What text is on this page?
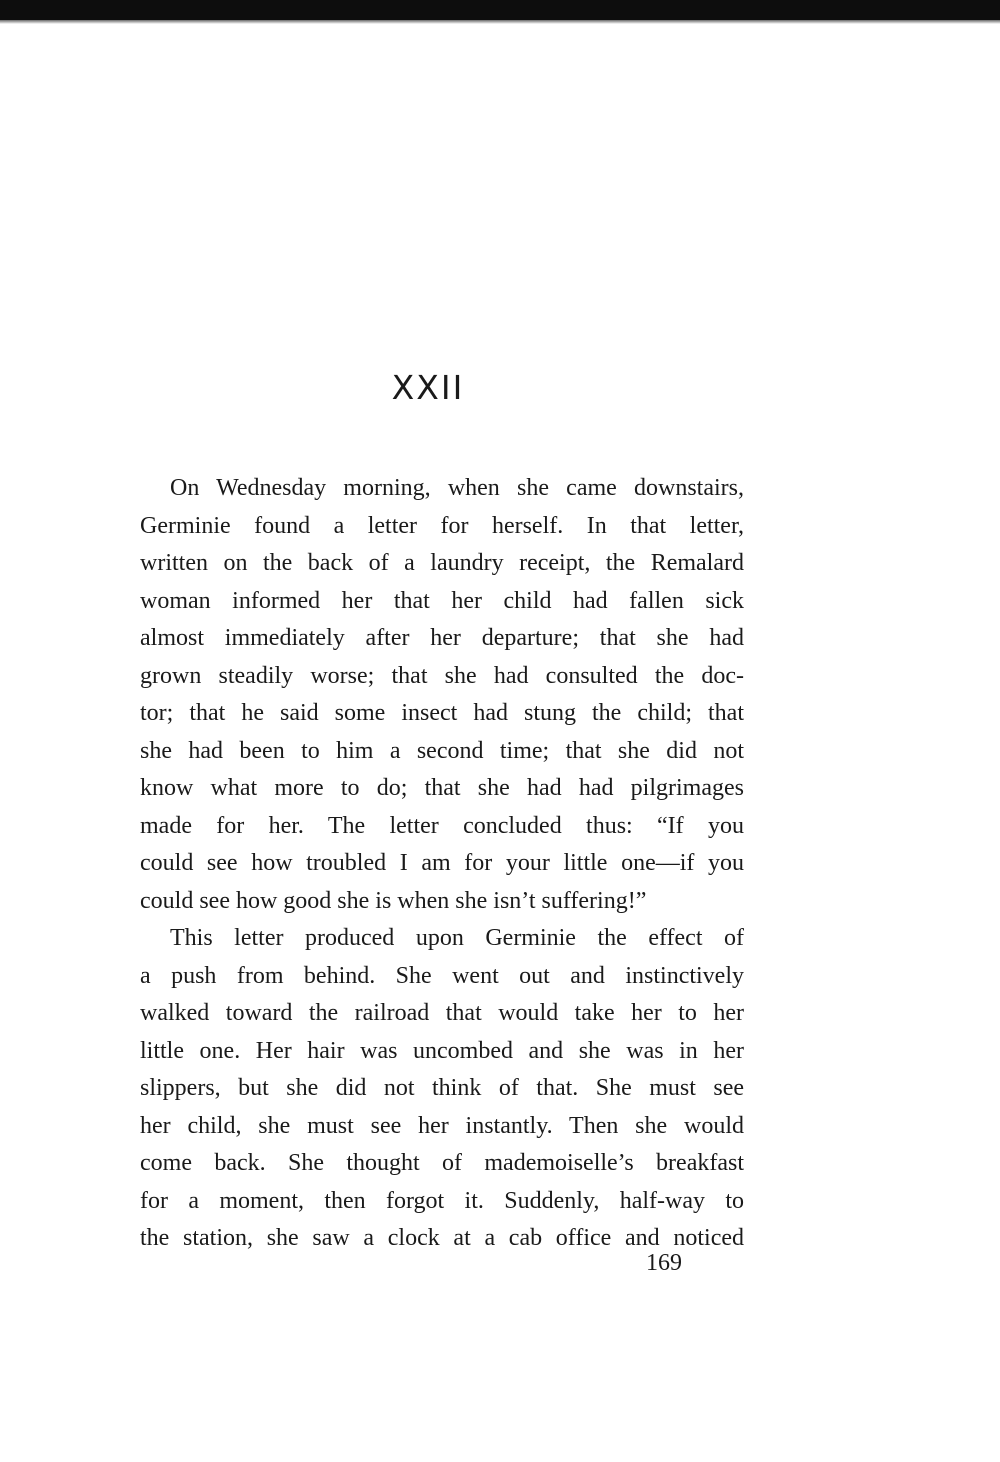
XXII
On Wednesday morning, when she came downstairs,
Germinie found a letter for herself. In that letter,
written on the back of a laundry receipt, the Remalard
woman informed her that her child had fallen sick
almost immediately after her departure; that she had
grown steadily worse; that she had consulted the doc-
tor; that he said some insect had stung the child; that
she had been to him a second time; that she did not
know what more to do; that she had had pilgrimages
made for her. The letter concluded thus: “If you
could see how troubled I am for your little one—if you
could see how good she is when she isn’t suffering!”
This letter produced upon Germinie the effect of
a push from behind. She went out and instinctively
walked toward the railroad that would take her to her
little one. Her hair was uncombed and she was in her
slippers, but she did not think of that. She must see
her child, she must see her instantly. Then she would
come back. She thought of mademoiselle’s breakfast
for a moment, then forgot it. Suddenly, half-way to
the station, she saw a clock at a cab office and noticed

169
